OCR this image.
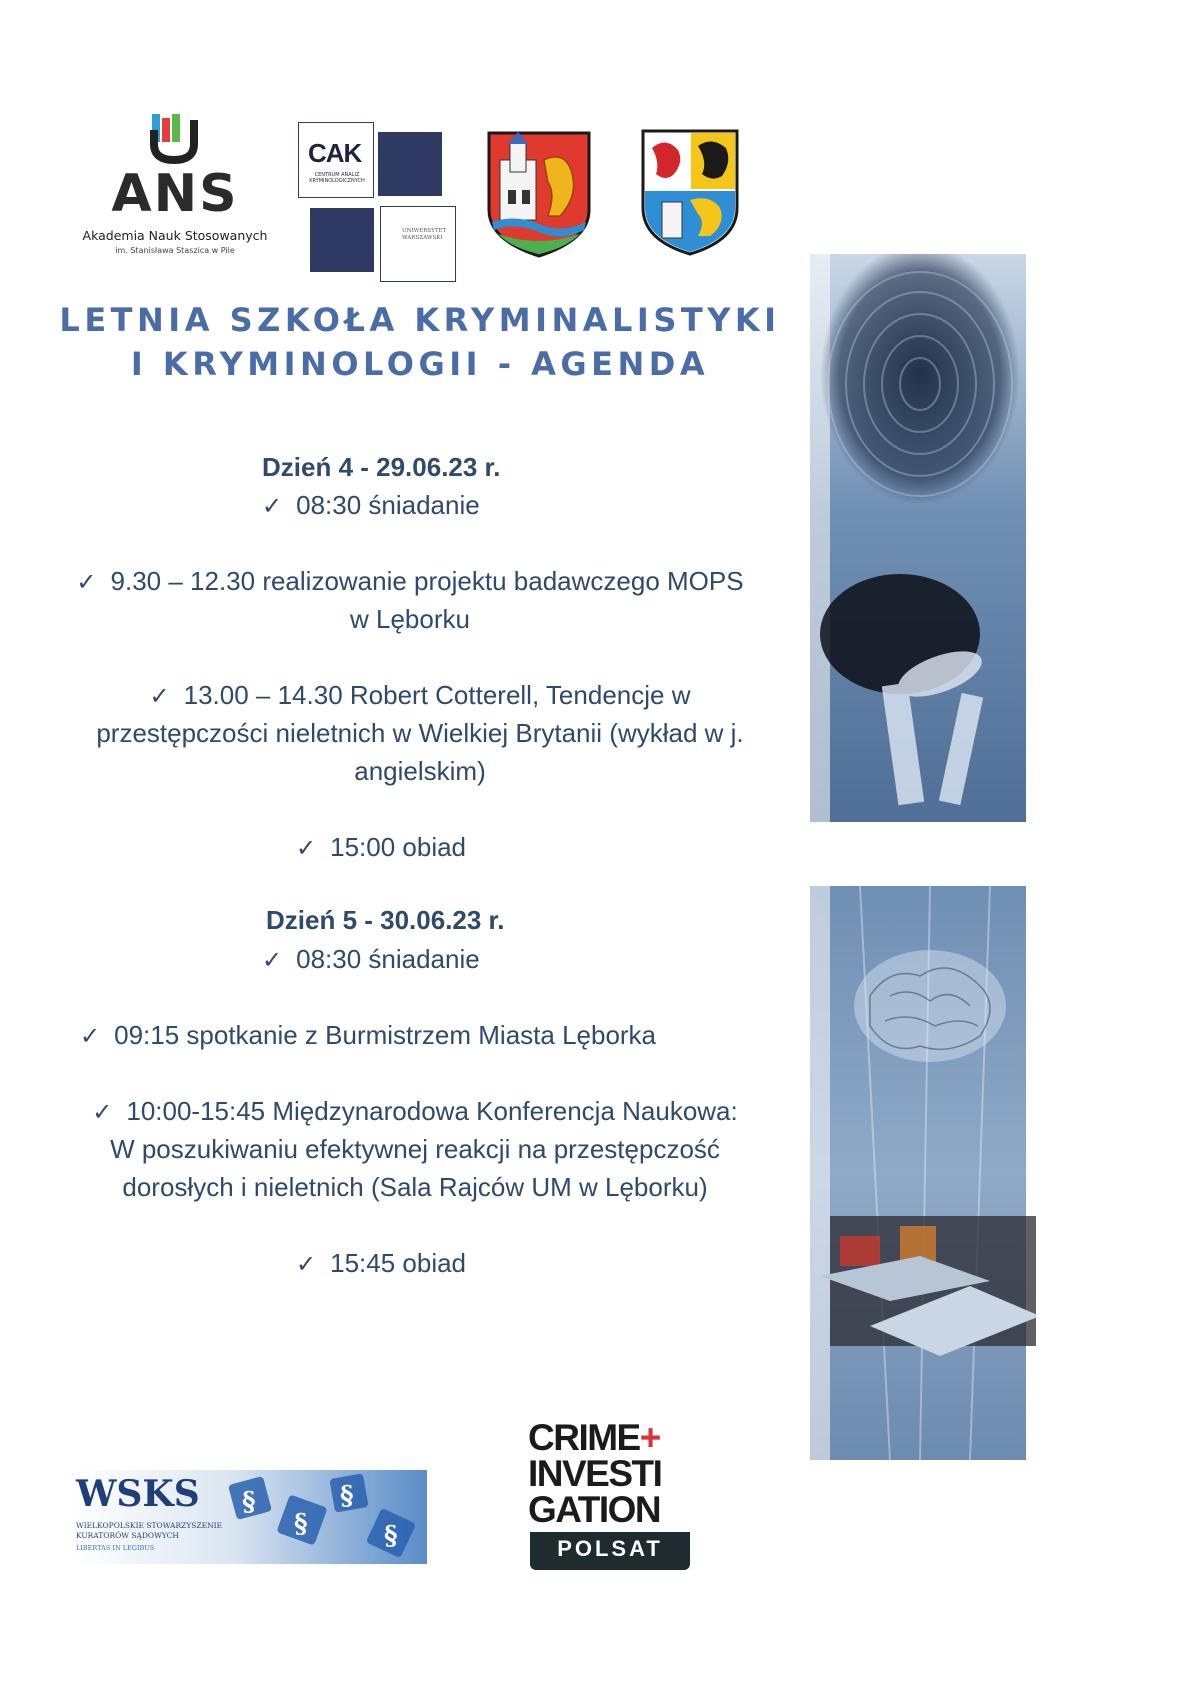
ANS
Akademia Nauk Stosowanych
im. Stanisława Staszica w Pile
CAK
CENTRUM ANALIZ KRYMINOLOGICZNYCH
UNIWERSYTET WARSZAWSKI
LETNIA SZKOŁA KRYMINALISTYKI
I KRYMINOLOGII - AGENDA
Dzień 4 - 29.06.23 r.
✓ 08:30 śniadanie
✓ 9.30 – 12.30 realizowanie projektu badawczego MOPS
w Lęborku
✓ 13.00 – 14.30 Robert Cotterell, Tendencje w
przestępczości nieletnich w Wielkiej Brytanii (wykład w j.
angielskim)
✓ 15:00 obiad
Dzień 5 - 30.06.23 r.
✓ 08:30 śniadanie
✓ 09:15 spotkanie z Burmistrzem Miasta Lęborka
✓ 10:00-15:45 Międzynarodowa Konferencja Naukowa:
W poszukiwaniu efektywnej reakcji na przestępczość
dorosłych i nieletnich (Sala Rajców UM w Lęborku)
✓ 15:45 obiad
§
§
§
§
WSKS
WIELKOPOLSKIE STOWARZYSZENIE
KURATORÓW SĄDOWYCH
LIBERTAS IN LEGIBUS
CRIME+
INVESTI
GATION
POLSAT
